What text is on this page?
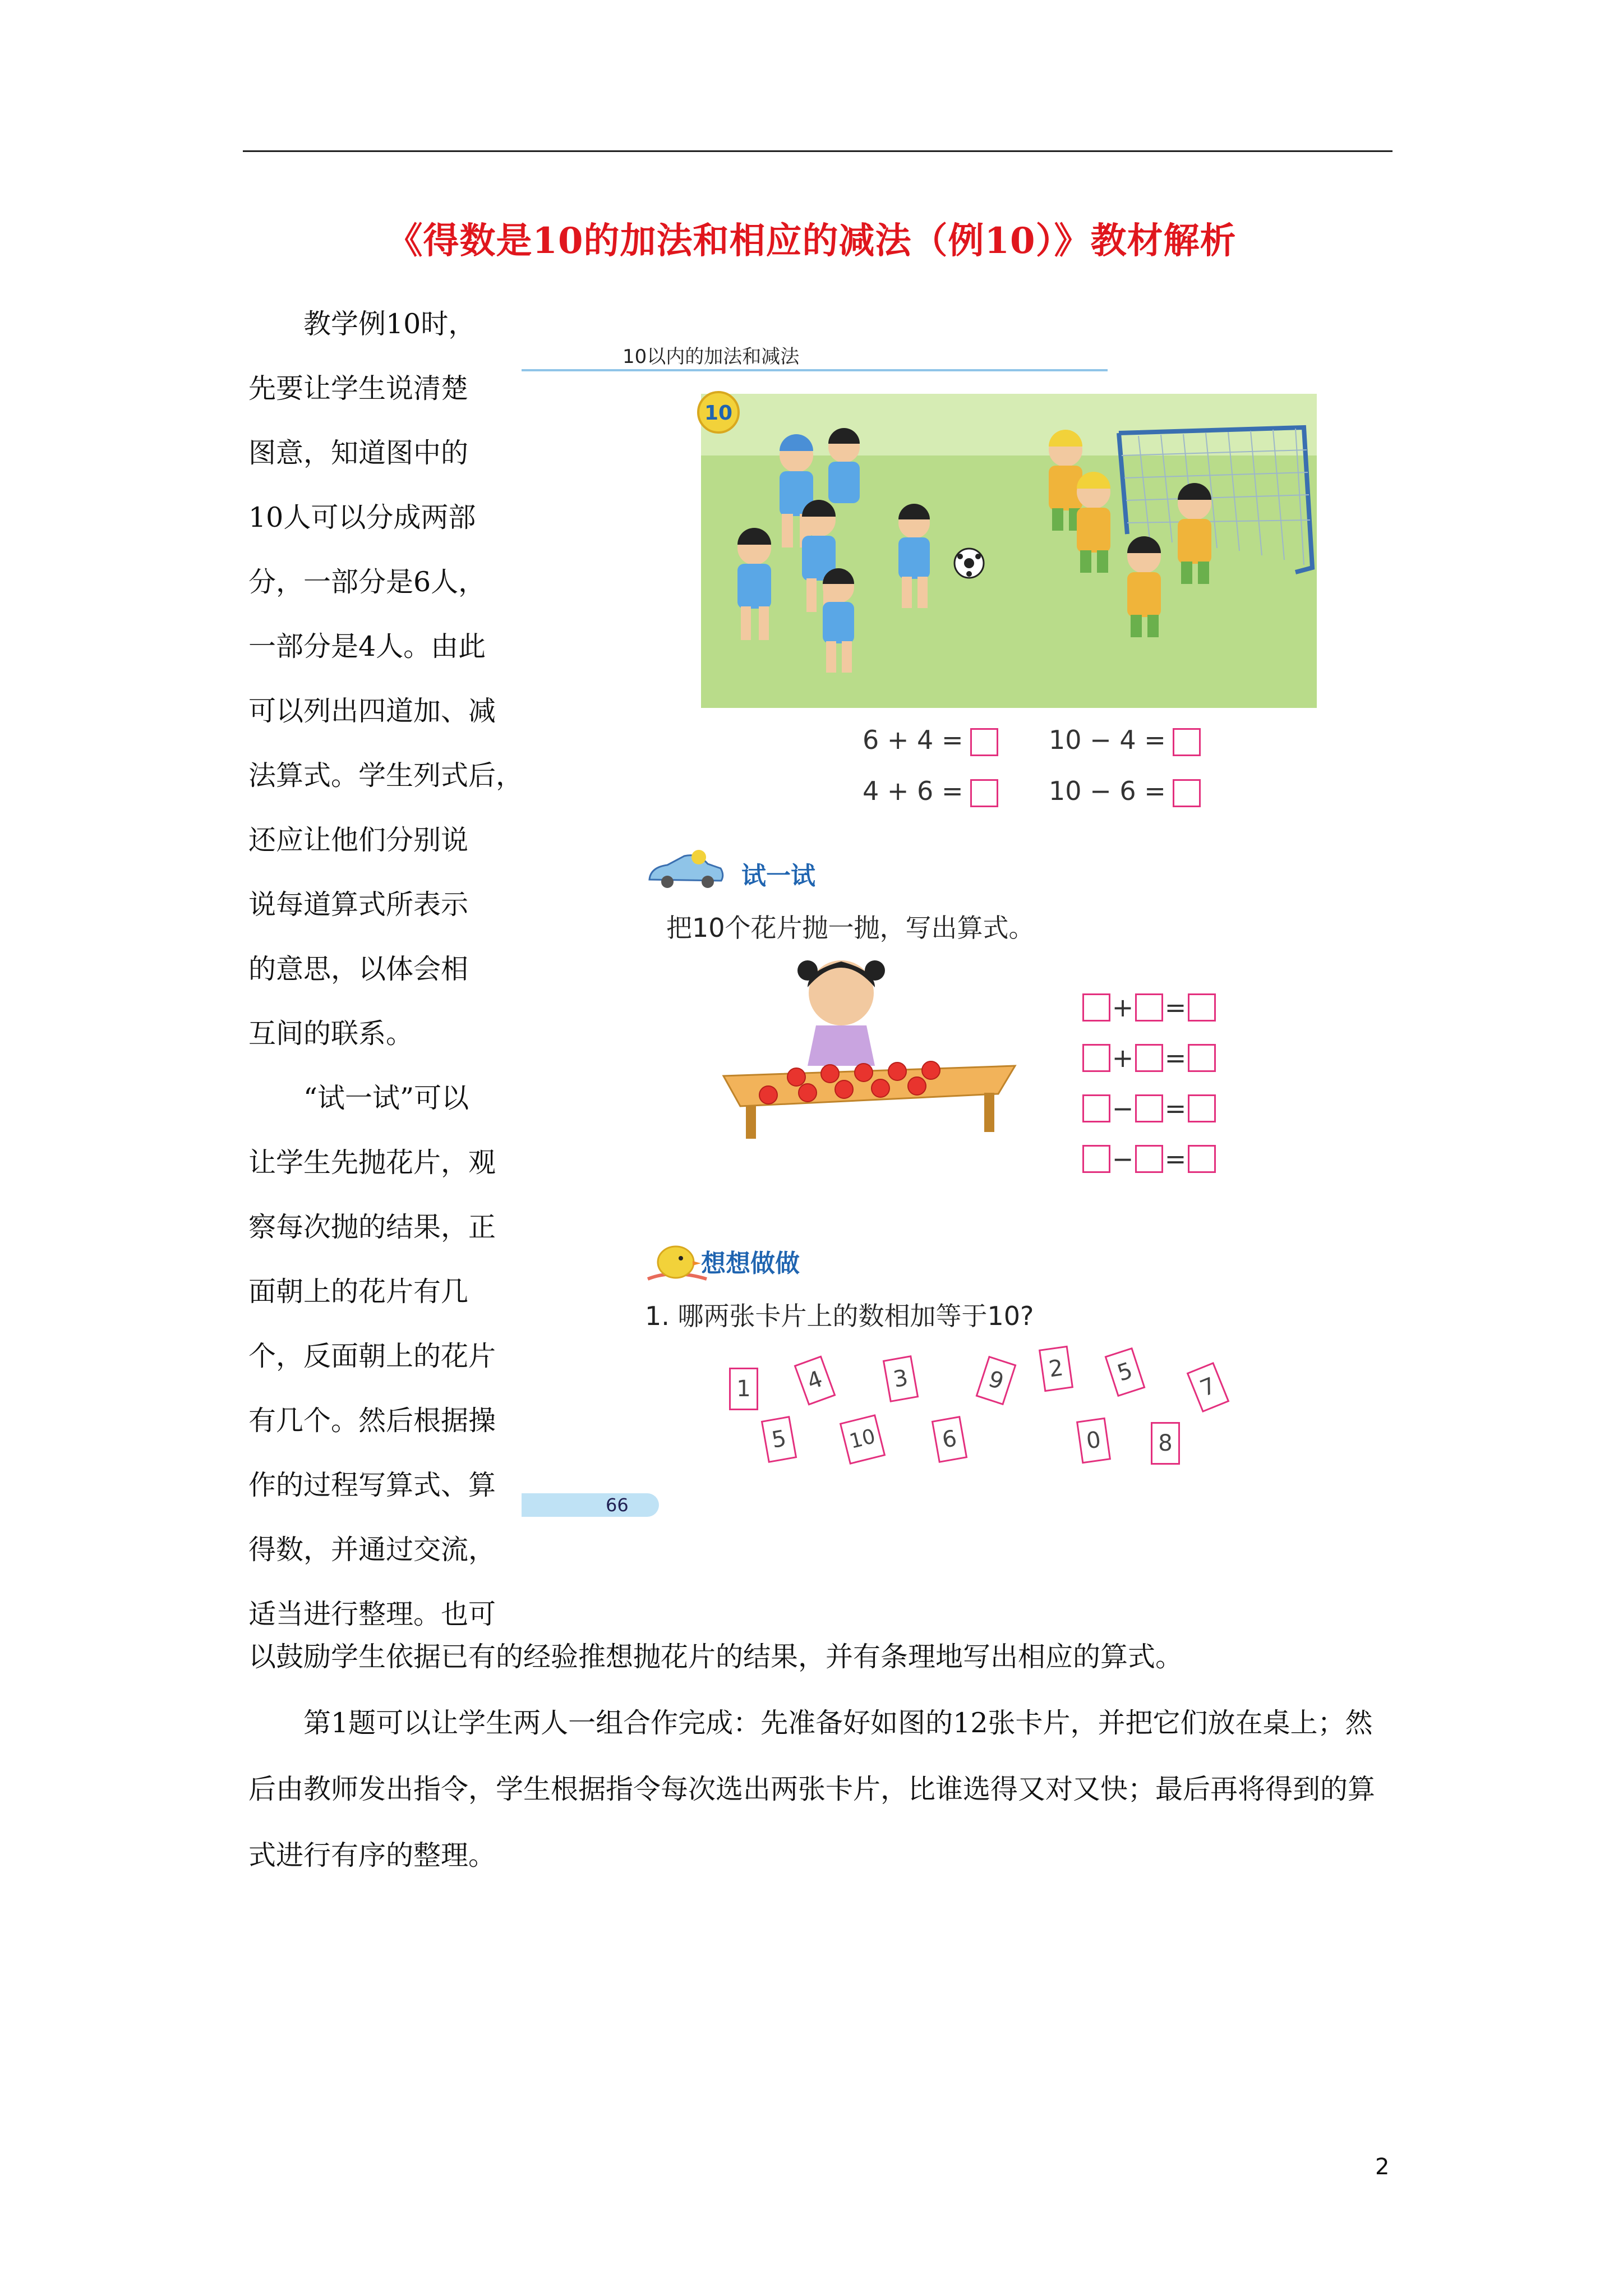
《得数是10的加法和相应的减法（例10）》教材解析

教学例10时，

先要让学生说清楚
图意，知道图中的
10人可以分成两部
分，一部分是6人，
一部分是4人。由此
可以列出四道加、减
法算式。学生列式后，
还应让他们分别说
说每道算式所表示
的意思，以体会相
互间的联系。

“试一试”可以

让学生先抛花片，观
察每次抛的结果，正
面朝上的花片有几
个，反面朝上的花片
有几个。然后根据操
作的过程写算式、算
得数，并通过交流，
适当进行整理。也可
10以内的加法和减法
10
6 + 4 =	10 − 4 =
4 + 6 =	10 − 6 =
试一试
把10个花片抛一抛，写出算式。
+ =
+ =
− =
− =
想想做做
1. 哪两张卡片上的数相加等于10?
1	4	3	9	2	5
7
5	10	6	0	8
66

以鼓励学生依据已有的经验推想抛花片的结果，并有条理地写出相应的算式。

第1题可以让学生两人一组合作完成：先准备好如图的12张卡片，并把它们放在桌上；然后由教师发出指令，学生根据指令每次选出两张卡片，比谁选得又对又快；最后再将得到的算式进行有序的整理。

2
